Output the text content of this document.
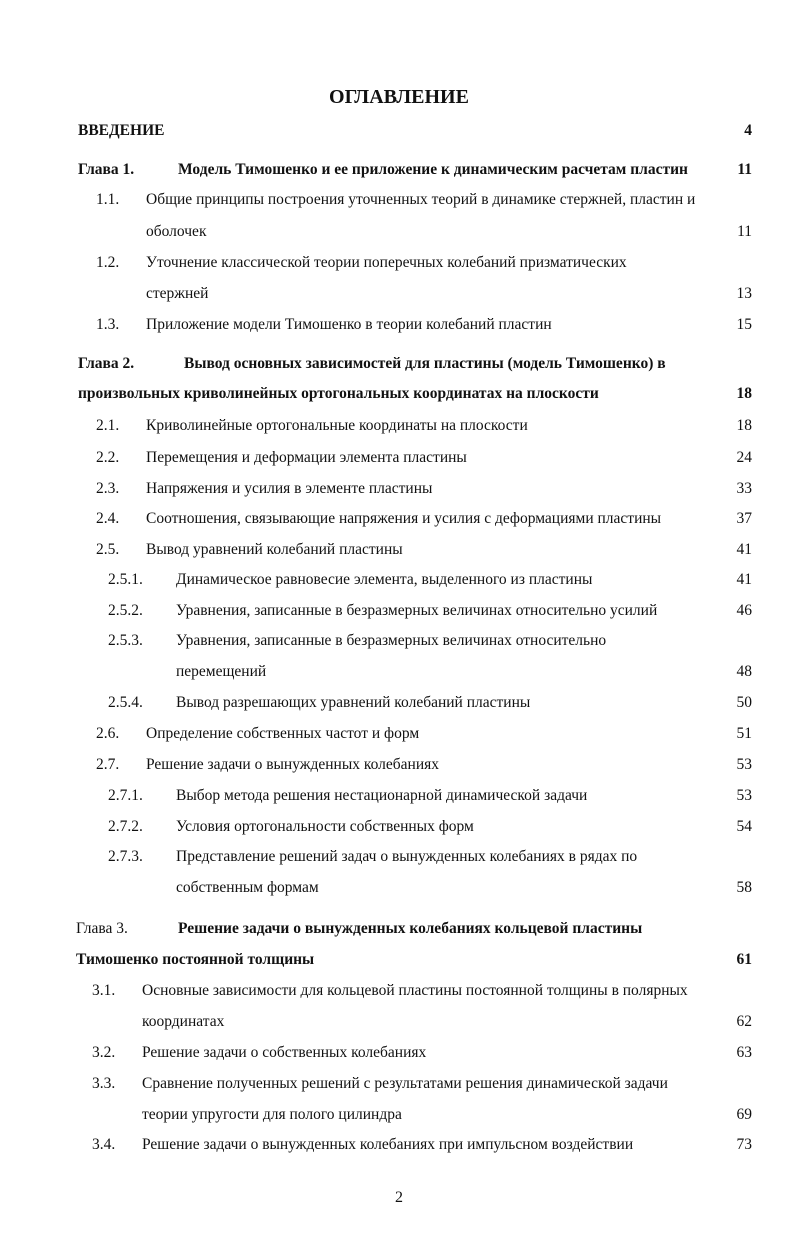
ОГЛАВЛЕНИЕ
ВВЕДЕНИЕ	4
Глава 1.	Модель Тимошенко и ее приложение к динамическим расчетам пластин	11
1.1. Общие принципы построения уточненных теорий в динамике стержней, пластин и
оболочек	11
1.2. Уточнение классической теории поперечных колебаний призматических
стержней	13
1.3. Приложение модели Тимошенко в теории колебаний пластин	15
Глава 2.	Вывод основных зависимостей для пластины (модель Тимошенко) в
произвольных криволинейных ортогональных координатах на плоскости	18
2.1. Криволинейные ортогональные координаты на плоскости	18
2.2. Перемещения и деформации элемента пластины	24
2.3. Напряжения и усилия в элементе пластины	33
2.4. Соотношения, связывающие напряжения и усилия с деформациями пластины	37
2.5. Вывод уравнений колебаний пластины	41
2.5.1. Динамическое равновесие элемента, выделенного из пластины	41
2.5.2. Уравнения, записанные в безразмерных величинах относительно усилий	46
2.5.3. Уравнения, записанные в безразмерных величинах относительно
перемещений	48
2.5.4. Вывод разрешающих уравнений колебаний пластины	50
2.6. Определение собственных частот и форм	51
2.7. Решение задачи о вынужденных колебаниях	53
2.7.1. Выбор метода решения нестационарной динамической задачи	53
2.7.2. Условия ортогональности собственных форм	54
2.7.3. Представление решений задач о вынужденных колебаниях в рядах по
собственным формам	58
Глава 3.	Решение задачи о вынужденных колебаниях кольцевой пластины
Тимошенко постоянной толщины	61
3.1. Основные зависимости для кольцевой пластины постоянной толщины в полярных
координатах	62
3.2. Решение задачи о собственных колебаниях	63
3.3. Сравнение полученных решений с результатами решения динамической задачи
теории упругости для полого цилиндра	69
3.4. Решение задачи о вынужденных колебаниях при импульсном воздействии	73
2
